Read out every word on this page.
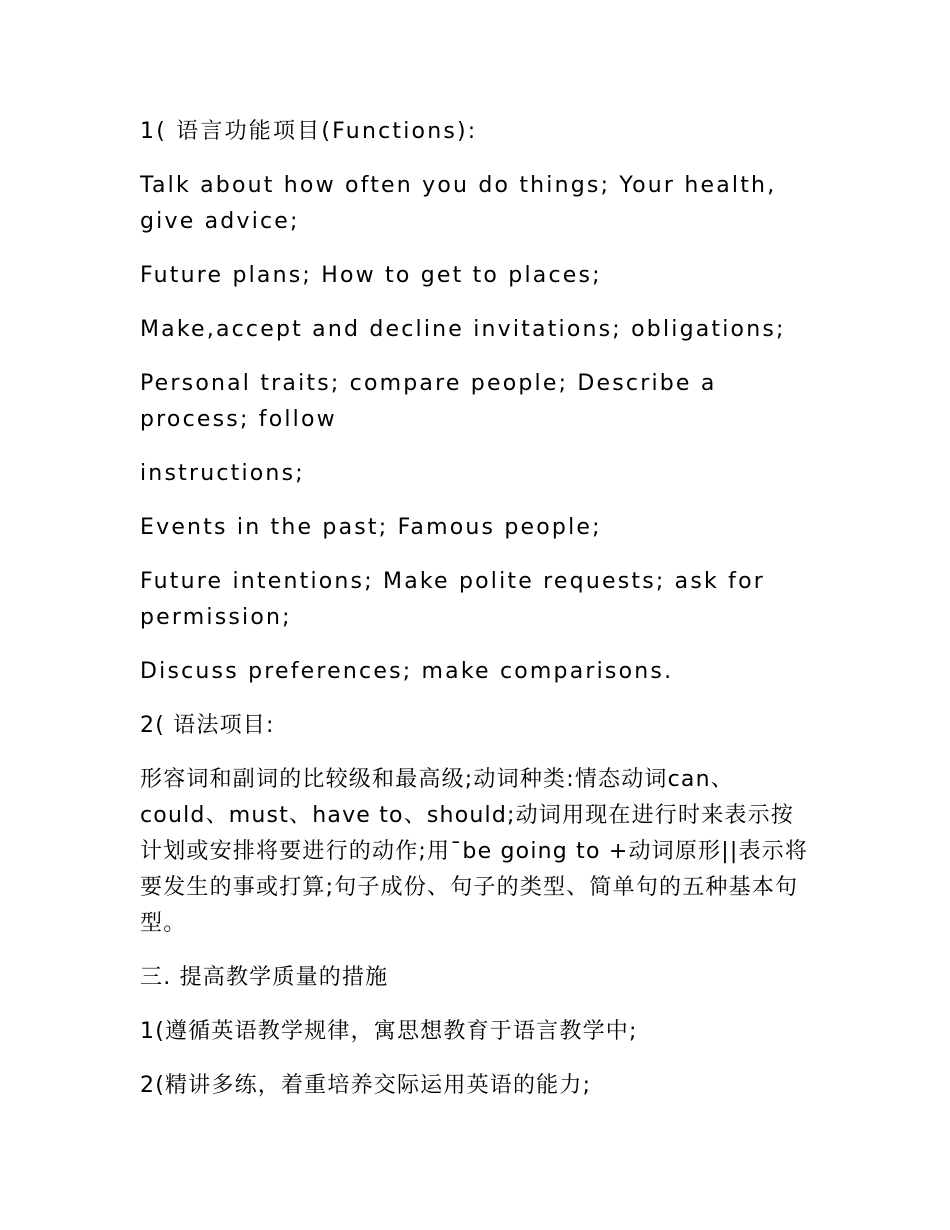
1( 语言功能项目(Functions):

Talk about how often you do things; Your health, give advice;

Future plans; How to get to places;

Make,accept and decline invitations; obligations;

Personal traits; compare people; Describe a process; follow

instructions;

Events in the past; Famous people;

Future intentions; Make polite requests; ask for permission;

Discuss preferences; make comparisons.

2( 语法项目:

形容词和副词的比较级和最高级;动词种类:情态动词can、could、must、have to、should;动词用现在进行时来表示按计划或安排将要进行的动作;用ˉbe going to +动词原形||表示将要发生的事或打算;句子成份、句子的类型、简单句的五种基本句型。

三. 提高教学质量的措施

1(遵循英语教学规律，寓思想教育于语言教学中;

2(精讲多练，着重培养交际运用英语的能力;
